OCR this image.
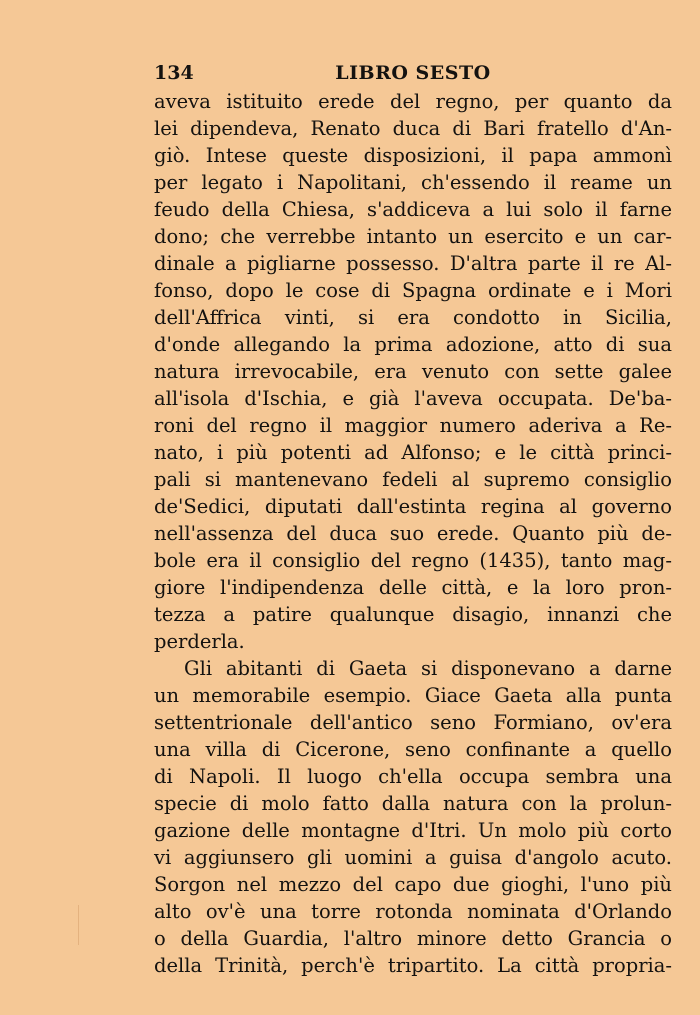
134	LIBRO SESTO
aveva istituito erede del regno, per quanto da
lei dipendeva, Renato duca di Bari fratello d'An-
giò. Intese queste disposizioni, il papa ammonì
per legato i Napolitani, ch'essendo il reame un
feudo della Chiesa, s'addiceva a lui solo il farne
dono; che verrebbe intanto un esercito e un car-
dinale a pigliarne possesso. D'altra parte il re Al-
fonso, dopo le cose di Spagna ordinate e i Mori
dell'Affrica vinti, si era condotto in Sicilia,
d'onde allegando la prima adozione, atto di sua
natura irrevocabile, era venuto con sette galee
all'isola d'Ischia, e già l'aveva occupata. De'ba-
roni del regno il maggior numero aderiva a Re-
nato, i più potenti ad Alfonso; e le città princi-
pali si mantenevano fedeli al supremo consiglio
de'Sedici, diputati dall'estinta regina al governo
nell'assenza del duca suo erede. Quanto più de-
bole era il consiglio del regno (1435), tanto mag-
giore l'indipendenza delle città, e la loro pron-
tezza a patire qualunque disagio, innanzi che
perderla.
Gli abitanti di Gaeta si disponevano a darne
un memorabile esempio. Giace Gaeta alla punta
settentrionale dell'antico seno Formiano, ov'era
una villa di Cicerone, seno confinante a quello
di Napoli. Il luogo ch'ella occupa sembra una
specie di molo fatto dalla natura con la prolun-
gazione delle montagne d'Itri. Un molo più corto
vi aggiunsero gli uomini a guisa d'angolo acuto.
Sorgon nel mezzo del capo due gioghi, l'uno più
alto ov'è una torre rotonda nominata d'Orlando
o della Guardia, l'altro minore detto Grancia o
della Trinità, perch'è tripartito. La città propria-
